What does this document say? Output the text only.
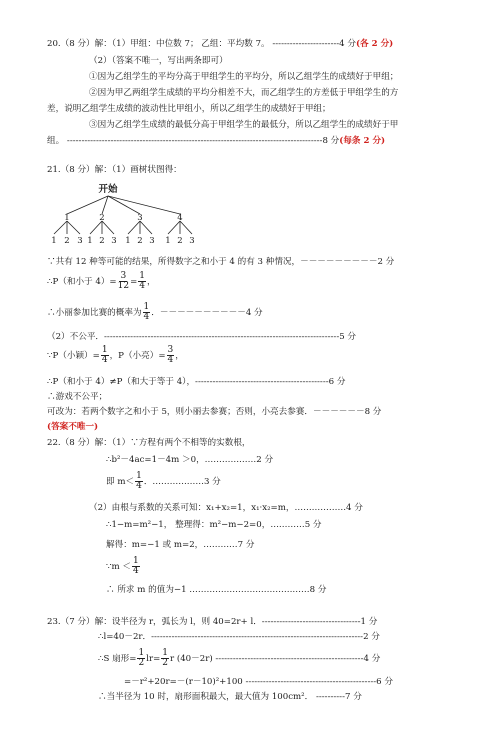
20.（8 分）解：（1）甲组：中位数 7； 乙组：平均数 7。 -----------------------4 分(各 2 分)
（2）（答案不唯一，写出两条即可）
①因为乙组学生的平均分高于甲组学生的平均分，所以乙组学生的成绩好于甲组；
②因为甲乙两组学生成绩的平均分相差不大，而乙组学生的方差低于甲组学生的方
差，说明乙组学生成绩的波动性比甲组小，所以乙组学生的成绩好于甲组；
③因为乙组学生成绩的最低分高于甲组学生的最低分，所以乙组学生的成绩好于甲
组。 ----------------------------------------------------------------------------------------8 分(每条 2 分)
21.（8 分）解：（1）画树状图得：
开始
1	2	3	4
1 2 3 1 2 3 1 2 3 1 2 3
∵共有 12 种等可能的结果，所得数字之和小于 4 的有 3 种情况，－－－－－－－－－2 分
∴P（和小于 $4)= \frac{3}{12} = \frac{1}{4}$ ，
∴小丽参加比赛的概率为 $\frac{1}{4}$ ．－－－－－－－－－－4 分
（2）不公平．---------------------------------------------------------------------------------5 分
∵P（小颖）= $\frac{1}{4}$ ，P（小亮）= $\frac{3}{4}$ ，
∴P（和小于 4）≠P（和大于等于 4），----------------------------------------------6 分
∴游戏不公平；
可改为：若两个数字之和小于 5，则小丽去参赛；否则，小亮去参赛．－－－－－－8 分
(答案不唯一)
22.（8 分）解：（1）∵方程有两个不相等的实数根，
∴b²－4ac=1－4m ＞0，………………2 分
即 $m< \frac{1}{4}$ ．………………3 分
（2）由根与系数的关系可知：x₁+x₂=1，x₁·x₂=m，………………4 分
∴1−m=m²−1， 整理得：m²−m−2=0，…………5 分
解得：m=−1 或 m=2，…………7 分
∵m ＜ $\frac{1}{4}$
∴ 所求 m 的值为−1 ……………………………………8 分
23.（7 分）解：设半径为 r，弧长为 l，则 40=2r+ l．----------------------------------1 分
∴l=40－2r．-------------------------------------------------------------------------2 分
∴S 扇形= $\frac{1}{2} lr= \frac{1}{2}$ r (40－2r) ---------------------------------------------------4 分
=－r²+20r=－(r－10)²+100 ---------------------------------------------6 分
∴当半径为 10 时，扇形面积最大，最大值为 100cm²． ----------7 分
